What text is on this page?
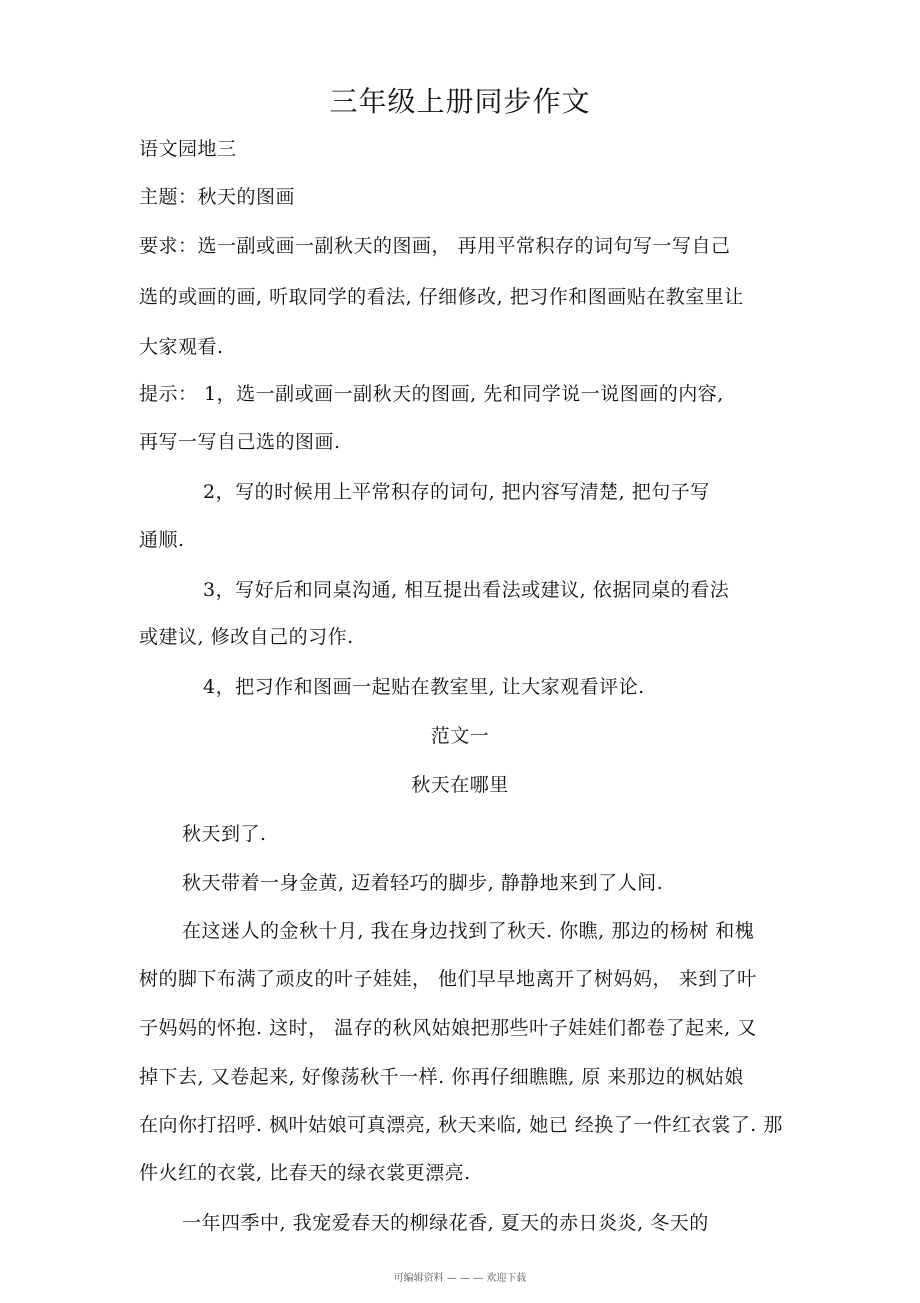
三年级上册同步作文
语文园地三
主题：秋天的图画
要求：选一副或画一副秋天的图画， 再用平常积存的词句写一写自己
选的或画的画, 听取同学的看法, 仔细修改, 把习作和图画贴在教室里让
大家观看.
提示： 1，选一副或画一副秋天的图画, 先和同学说一说图画的内容,
再写一写自己选的图画.
2，写的时候用上平常积存的词句, 把内容写清楚, 把句子写
通顺.
3，写好后和同桌沟通, 相互提出看法或建议, 依据同桌的看法
或建议, 修改自己的习作.
4，把习作和图画一起贴在教室里, 让大家观看评论.
范文一
秋天在哪里
秋天到了.
秋天带着一身金黄, 迈着轻巧的脚步, 静静地来到了人间.
在这迷人的金秋十月, 我在身边找到了秋天. 你瞧, 那边的杨树 和槐
树的脚下布满了顽皮的叶子娃娃， 他们早早地离开了树妈妈， 来到了叶
子妈妈的怀抱. 这时， 温存的秋风姑娘把那些叶子娃娃们都卷了起来, 又
掉下去, 又卷起来, 好像荡秋千一样. 你再仔细瞧瞧, 原 来那边的枫姑娘
在向你打招呼. 枫叶姑娘可真漂亮, 秋天来临, 她已 经换了一件红衣裳了. 那
件火红的衣裳, 比春天的绿衣裳更漂亮.
一年四季中, 我宠爱春天的柳绿花香, 夏天的赤日炎炎, 冬天的
可编辑资料 — — — 欢迎下载
